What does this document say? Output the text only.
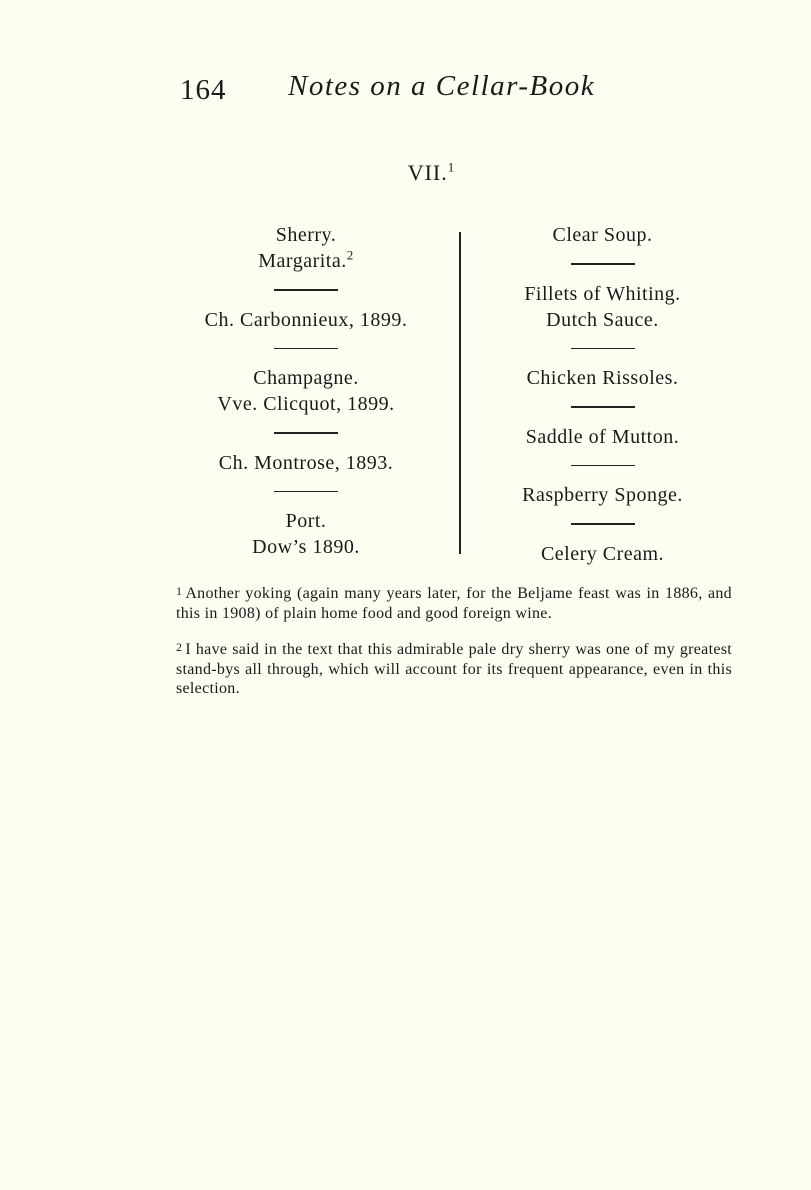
164 Notes on a Cellar-Book
VII.$^1$
Sherry.
Margarita.$^2$
Ch. Carbonnieux, 1899.
Champagne.
Vve. Clicquot, 1899.
Ch. Montrose, 1893.
Port.
Dow’s 1890.
Clear Soup.
Fillets of Whiting.
Dutch Sauce.
Chicken Rissoles.
Saddle of Mutton.
Raspberry Sponge.
Celery Cream.

1 Another yoking (again many years later, for the Beljame feast was in 1886, and this in 1908) of plain home food and good foreign wine.

2 I have said in the text that this admirable pale dry sherry was one of my greatest stand-bys all through, which will account for its frequent appearance, even in this selection.
